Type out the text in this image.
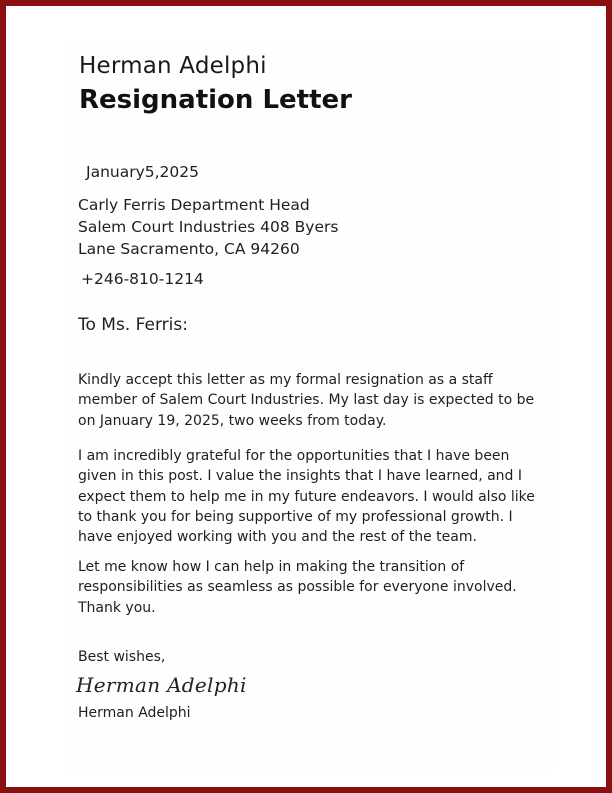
Herman Adelphi
Resignation Letter
January5,2025
Carly Ferris Department Head
Salem Court Industries 408 Byers
Lane Sacramento, CA 94260
+246-810-1214
To Ms. Ferris:
Kindly accept this letter as my formal resignation as a staff member of Salem Court Industries. My last day is expected to be on January 19, 2025, two weeks from today.
I am incredibly grateful for the opportunities that I have been given in this post. I value the insights that I have learned, and I expect them to help me in my future endeavors. I would also like to thank you for being supportive of my professional growth. I have enjoyed working with you and the rest of the team.
Let me know how I can help in making the transition of responsibilities as seamless as possible for everyone involved. Thank you.
Best wishes,
Herman Adelphi
Herman Adelphi
